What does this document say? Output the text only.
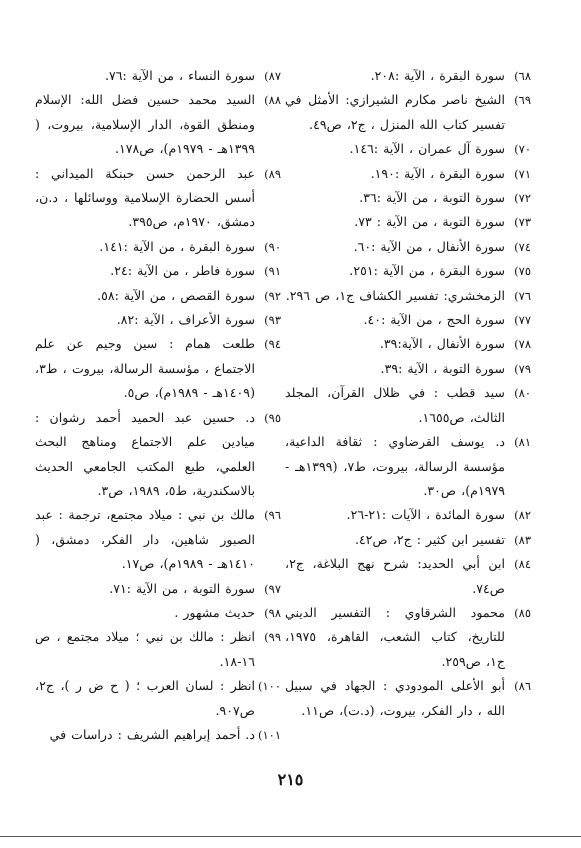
٦٨)
سورة البقرة ، الآية :٢٠٨.

٦٩)
الشيخ ناصر مكارم الشيرازي: الأمثل في تفسير كتاب الله المنزل ، ج٢، ص٤٩.

٧٠)
سورة آل عمران ، الآية :١٤٦.

٧١)
سورة البقرة ، الآية :١٩٠.

٧٢)
سورة التوبة ، من الآية :٣٦.

٧٣)
سورة التوبة ، من الآية : ٧٣.

٧٤)
سورة الأنفال ، من الآية :٦٠.

٧٥)
سورة البقرة ، من الآية :٢٥١.

٧٦)
الزمخشري: تفسير الكشاف ج١، ص ٢٩٦.

٧٧)
سورة الحج ، من الآية :٤٠.

٧٨)
سورة الأنفال ، الآية:٣٩.

٧٩)
سورة التوبة ، الآية :٣٩.

٨٠)
سيد قطب : في ظلال القرآن، المجلد الثالث، ص١٦٥٥.

٨١)
د. يوسف القرضاوي : ثقافة الداعية، مؤسسة الرسالة، بيروت، ط٧، (١٣٩٩هـ - ١٩٧٩م)، ص٣٠.

٨٢)
سورة المائدة ، الآيات :٢١-٢٦.

٨٣)
تفسير ابن كثير : ج٢، ص٤٢.

٨٤)
ابن أبي الحديد: شرح نهج البلاغة، ج٢، ص٧٤.

٨٥)
محمود الشرقاوي : التفسير الديني للتاريخ، كتاب الشعب، القاهرة، ١٩٧٥، ج١، ص٢٥٩.

٨٦)
أبو الأعلى المودودي : الجهاد في سبيل الله ، دار الفكر، بيروت، (د.ت)، ص١١.

٨٧)
سورة النساء ، من الآية :٧٦.

٨٨)
السيد محمد حسين فضل الله: الإسلام ومنطق القوة، الدار الإسلامية، بيروت، ( ١٣٩٩هـ - ١٩٧٩م)، ص١٧٨.

٨٩)
عبد الرحمن حسن حبنكة الميداني : أسس الحضارة الإسلامية ووسائلها ، د.ن، دمشق، ١٩٧٠م، ص٣٩٥.

٩٠)
سورة البقرة ، من الآية :١٤١.

٩١)
سورة فاطر ، من الآية :٢٤.

٩٢)
سورة القصص ، من الآية :٥٨.

٩٣)
سورة الأعراف ، الآية :٨٢.

٩٤)
طلعت همام : سين وجيم عن علم الاجتماع ، مؤسسة الرسالة، بيروت ، ط٣، (١٤٠٩هـ - ١٩٨٩م)، ص٥.

٩٥)
د. حسين عبد الحميد أحمد رشوان : ميادين علم الاجتماع ومناهج البحث العلمي، طبع المكتب الجامعي الحديث بالاسكندرية، ط٥، ١٩٨٩، ص٣.

٩٦)
مالك بن نبي : ميلاد مجتمع، ترجمة : عبد الصبور شاهين، دار الفكر، دمشق، ( ١٤١٠هـ - ١٩٨٩م)، ص١٧.

٩٧)
سورة التوبة ، من الآية :٧١.

٩٨)
حديث مشهور .

٩٩)
انظر : مالك بن نبي ؛ ميلاد مجتمع ، ص ١٦-١٨.

١٠٠)
انظر : لسان العرب ؛ ( ح ض ر )، ج٢، ص٩٠٧.

١٠١)
د. أحمد إبراهيم الشريف : دراسات في

٢١٥
